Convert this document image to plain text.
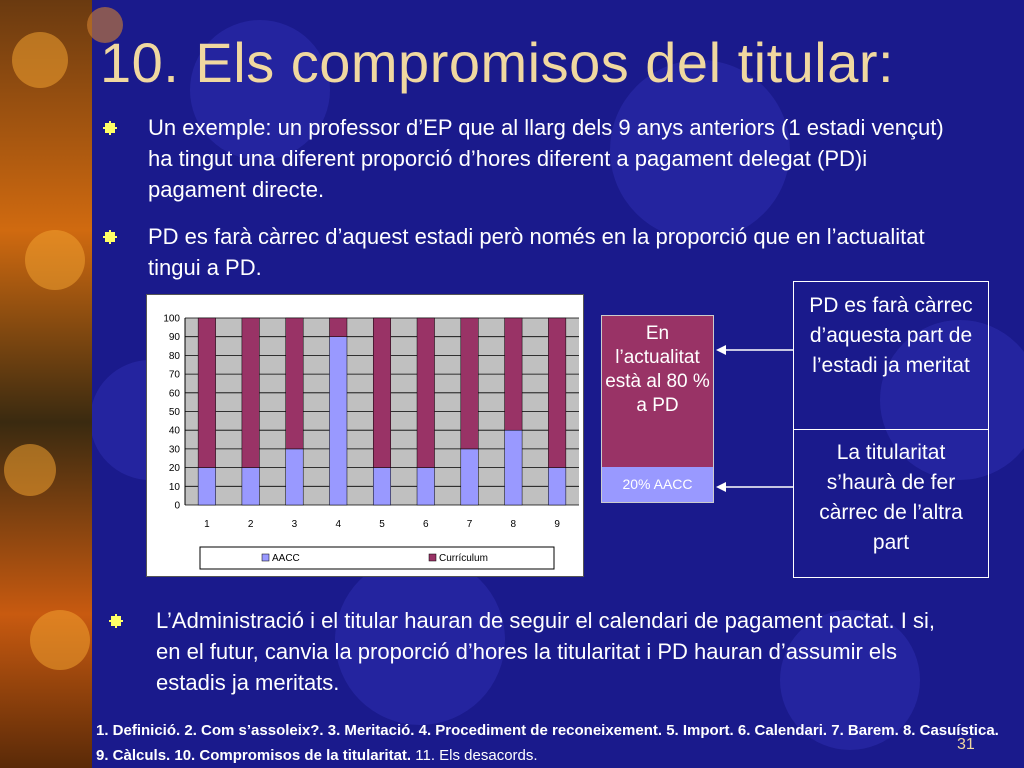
10. Els compromisos del titular:
Un exemple: un professor d’EP que al llarg dels 9 anys anteriors (1 estadi vençut) ha tingut una diferent proporció d’hores diferent a pagament delegat (PD)i pagament directe.
PD es farà càrrec d’aquest estadi però només en la proporció que en l’actualitat tingui a PD.
0
10
20
30
40
50
60
70
80
90
100
1	2	3	4	5	6	7	8	9
AACC	Currículum
En l’actualitat està al 80 % a PD
20% AACC
PD es farà càrrec d’aquesta part de l’estadi ja meritat
La titularitat s’haurà de fer càrrec de l’altra part
L’Administració i el titular hauran de seguir el calendari de pagament pactat. I si, en el futur, canvia la proporció d’hores la titularitat i PD hauran d’assumir els estadis ja meritats.
1. Definició. 2. Com s’assoleix?. 3. Meritació. 4. Procediment de reconeixement. 5. Import. 6. Calendari. 7. Barem. 8. Casuística. 9. Càlculs. 10. Compromisos de la titularitat. 11. Els desacords.
31
